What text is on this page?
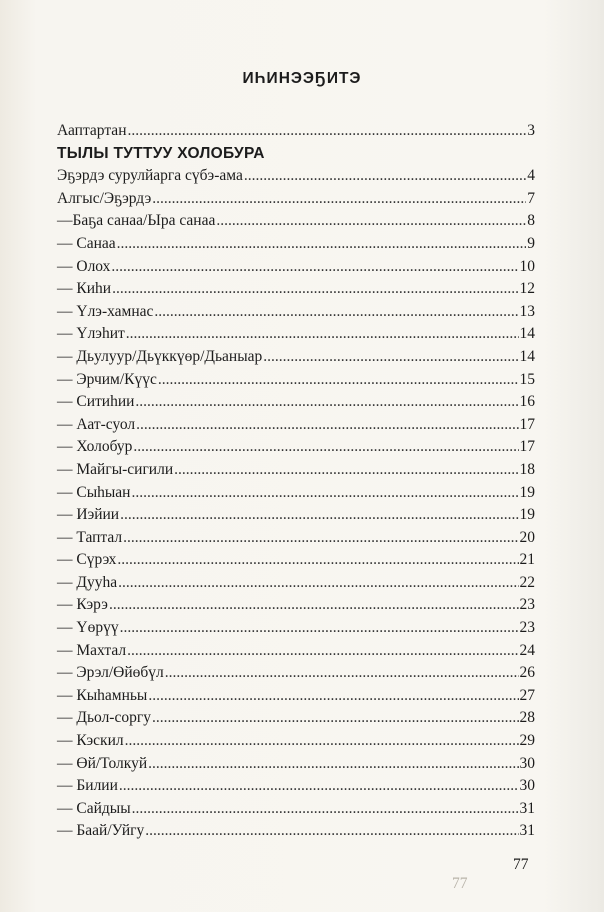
ИҺИНЭЭҔИТЭ
Ааптартан .....	3
ТЫЛЫ ТУТТУУ ХОЛОБУРА
Эҕэрдэ сурулйарга сүбэ-ама .....	4
Алгыс/Эҕэрдэ .....	7
—Баҕа санаа/Ыра санаа .....	8
— Санаа .....	9
— Олох .....	10
— Киһи .....	12
— Үлэ-хамнас .....	13
— Үлэһит .....	14
— Дьулуур/Дьүккүөр/Дьаныар .....	14
— Эрчим/Күүс .....	15
— Ситиһии .....	16
— Аат-суол .....	17
— Холобур .....	17
— Майгы-сигили .....	18
— Сыһыан .....	19
— Иэйии .....	19
— Таптал .....	20
— Сүрэх .....	21
— Дууһа .....	22
— Кэрэ .....	23
— Үөрүү .....	23
— Махтал .....	24
— Эрэл/Өйөбүл .....	26
— Кыһамньы .....	27
— Дьол-соргу .....	28
— Кэскил .....	29
— Өй/Толкуй .....	30
— Билии .....	30
— Сайдыы .....	31
— Баай/Уйгу .....	31
77
77
